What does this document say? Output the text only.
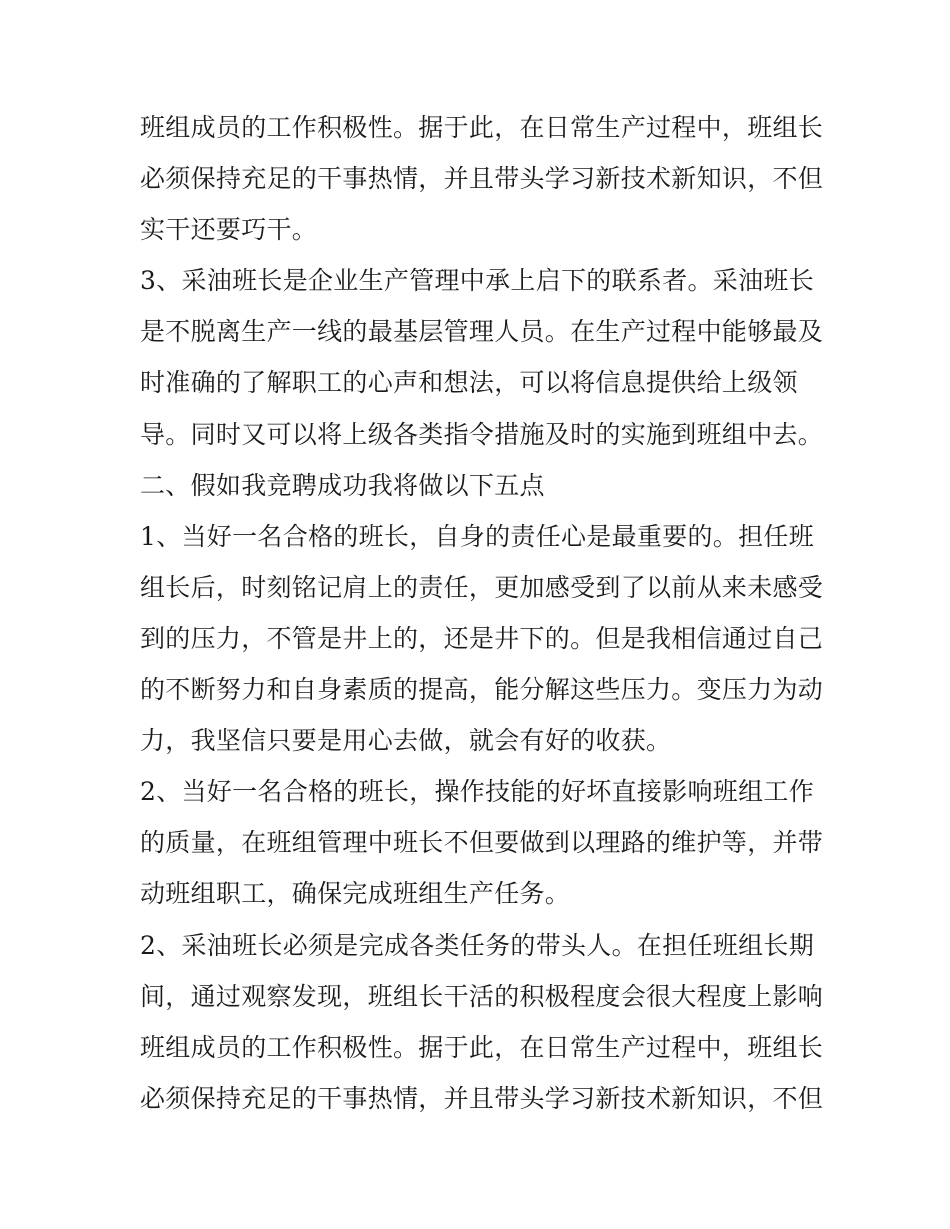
班组成员的工作积极性。据于此，在日常生产过程中，班组长
必须保持充足的干事热情，并且带头学习新技术新知识，不但
实干还要巧干。
3、采油班长是企业生产管理中承上启下的联系者。采油班长
是不脱离生产一线的最基层管理人员。在生产过程中能够最及
时准确的了解职工的心声和想法，可以将信息提供给上级领
导。同时又可以将上级各类指令措施及时的实施到班组中去。
二、假如我竞聘成功我将做以下五点
1、当好一名合格的班长，自身的责任心是最重要的。担任班
组长后，时刻铭记肩上的责任，更加感受到了以前从来未感受
到的压力，不管是井上的，还是井下的。但是我相信通过自己
的不断努力和自身素质的提高，能分解这些压力。变压力为动
力，我坚信只要是用心去做，就会有好的收获。
2、当好一名合格的班长，操作技能的好坏直接影响班组工作
的质量，在班组管理中班长不但要做到以理路的维护等，并带
动班组职工，确保完成班组生产任务。
2、采油班长必须是完成各类任务的带头人。在担任班组长期
间，通过观察发现，班组长干活的积极程度会很大程度上影响
班组成员的工作积极性。据于此，在日常生产过程中，班组长
必须保持充足的干事热情，并且带头学习新技术新知识，不但
